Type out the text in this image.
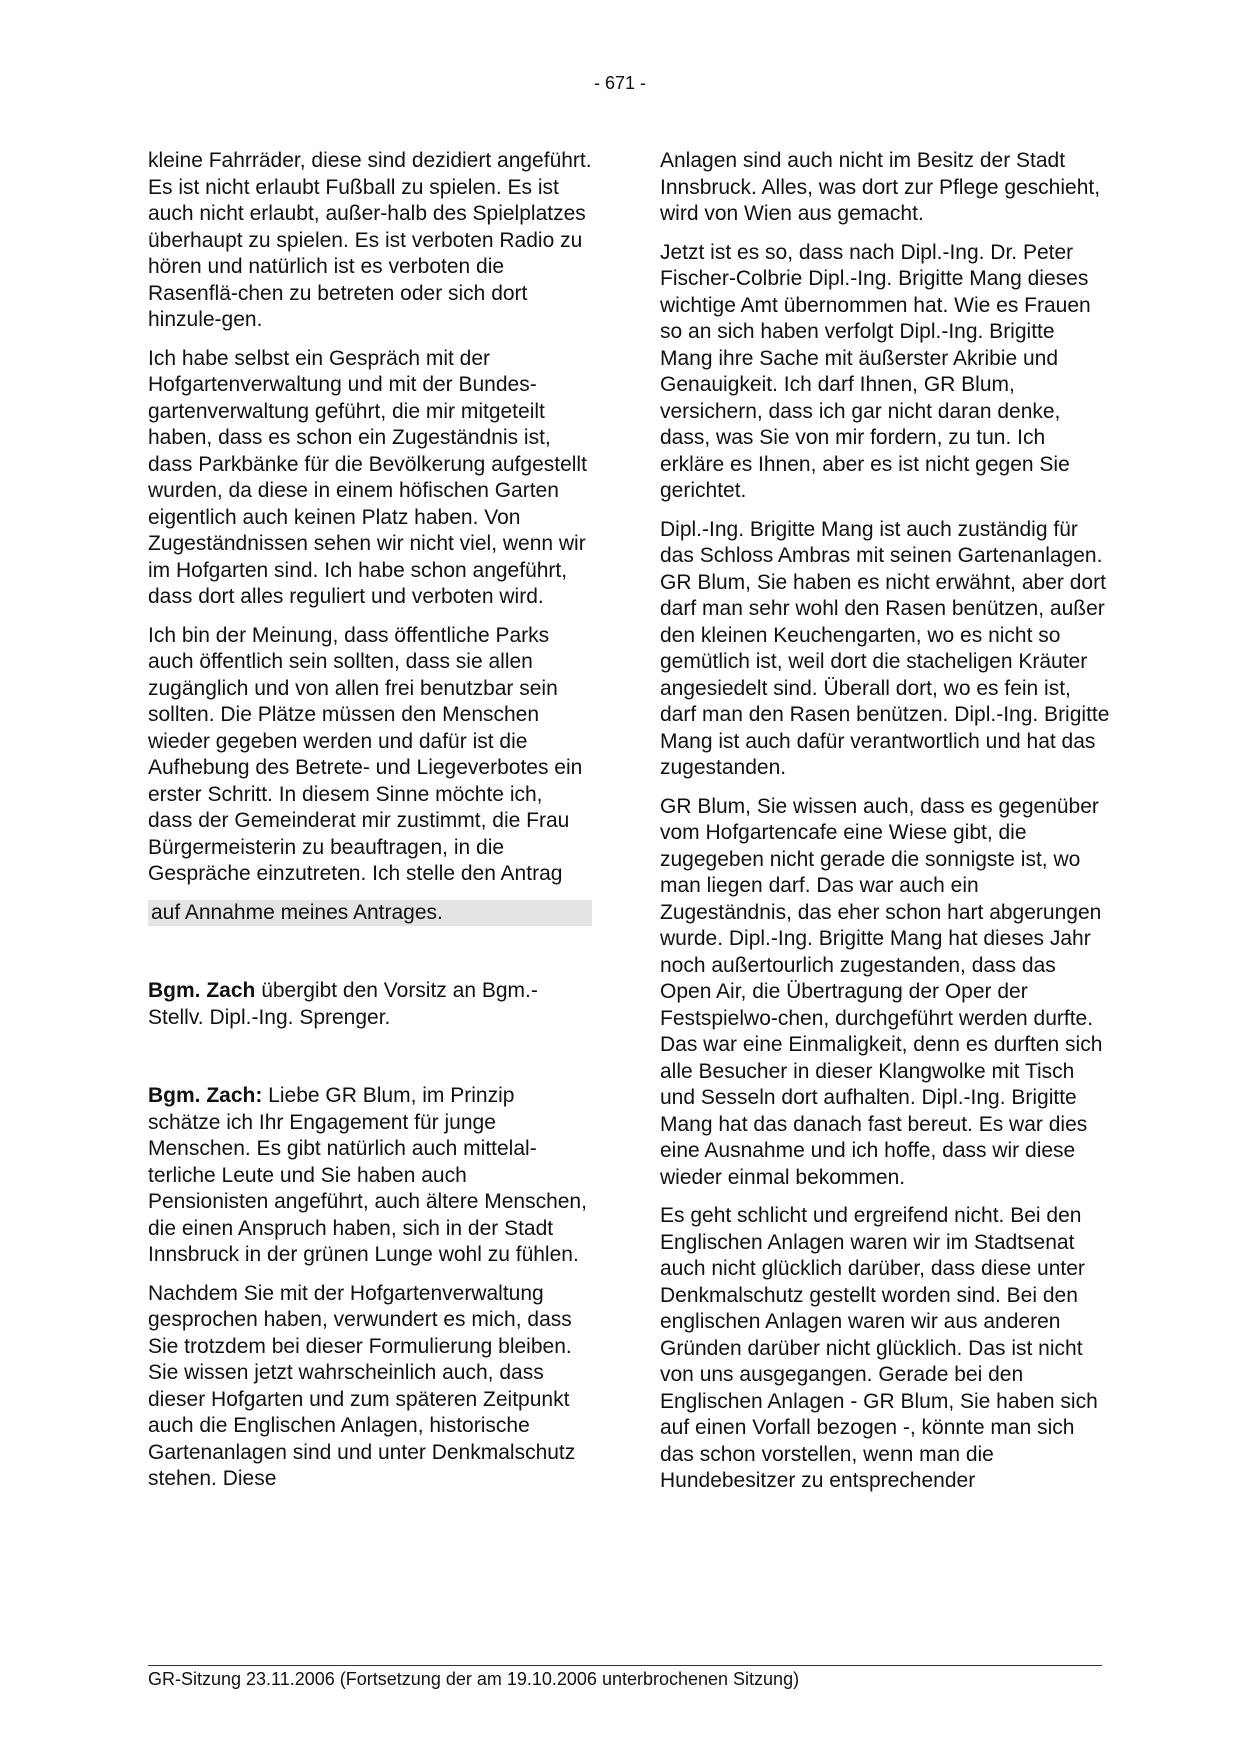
- 671 -

kleine Fahrräder, diese sind dezidiert angeführt. Es ist nicht erlaubt Fußball zu spielen. Es ist auch nicht erlaubt, außer-halb des Spielplatzes überhaupt zu spielen. Es ist verboten Radio zu hören und natürlich ist es verboten die Rasenflä-chen zu betreten oder sich dort hinzule-gen.

Ich habe selbst ein Gespräch mit der Hofgartenverwaltung und mit der Bundes-gartenverwaltung geführt, die mir mitgeteilt haben, dass es schon ein Zugeständnis ist, dass Parkbänke für die Bevölkerung aufgestellt wurden, da diese in einem höfischen Garten eigentlich auch keinen Platz haben. Von Zugeständnissen sehen wir nicht viel, wenn wir im Hofgarten sind. Ich habe schon angeführt, dass dort alles reguliert und verboten wird.

Ich bin der Meinung, dass öffentliche Parks auch öffentlich sein sollten, dass sie allen zugänglich und von allen frei benutzbar sein sollten. Die Plätze müssen den Menschen wieder gegeben werden und dafür ist die Aufhebung des Betrete- und Liegeverbotes ein erster Schritt. In diesem Sinne möchte ich, dass der Gemeinderat mir zustimmt, die Frau Bürgermeisterin zu beauftragen, in die Gespräche einzutreten. Ich stelle den Antrag

auf Annahme meines Antrages.

Bgm. Zach übergibt den Vorsitz an Bgm.-Stellv. Dipl.-Ing. Sprenger.

Bgm. Zach: Liebe GR Blum, im Prinzip schätze ich Ihr Engagement für junge Menschen. Es gibt natürlich auch mittelal-terliche Leute und Sie haben auch Pensionisten angeführt, auch ältere Menschen, die einen Anspruch haben, sich in der Stadt Innsbruck in der grünen Lunge wohl zu fühlen.

Nachdem Sie mit der Hofgartenverwaltung gesprochen haben, verwundert es mich, dass Sie trotzdem bei dieser Formulierung bleiben. Sie wissen jetzt wahrscheinlich auch, dass dieser Hofgarten und zum späteren Zeitpunkt auch die Englischen Anlagen, historische Gartenanlagen sind und unter Denkmalschutz stehen. Diese

Anlagen sind auch nicht im Besitz der Stadt Innsbruck. Alles, was dort zur Pflege geschieht, wird von Wien aus gemacht.

Jetzt ist es so, dass nach Dipl.-Ing. Dr. Peter Fischer-Colbrie Dipl.-Ing. Brigitte Mang dieses wichtige Amt übernommen hat. Wie es Frauen so an sich haben verfolgt Dipl.-Ing. Brigitte Mang ihre Sache mit äußerster Akribie und Genauigkeit. Ich darf Ihnen, GR Blum, versichern, dass ich gar nicht daran denke, dass, was Sie von mir fordern, zu tun. Ich erkläre es Ihnen, aber es ist nicht gegen Sie gerichtet.

Dipl.-Ing. Brigitte Mang ist auch zuständig für das Schloss Ambras mit seinen Gartenanlagen. GR Blum, Sie haben es nicht erwähnt, aber dort darf man sehr wohl den Rasen benützen, außer den kleinen Keuchengarten, wo es nicht so gemütlich ist, weil dort die stacheligen Kräuter angesiedelt sind. Überall dort, wo es fein ist, darf man den Rasen benützen. Dipl.-Ing. Brigitte Mang ist auch dafür verantwortlich und hat das zugestanden.

GR Blum, Sie wissen auch, dass es gegenüber vom Hofgartencafe eine Wiese gibt, die zugegeben nicht gerade die sonnigste ist, wo man liegen darf. Das war auch ein Zugeständnis, das eher schon hart abgerungen wurde. Dipl.-Ing. Brigitte Mang hat dieses Jahr noch außertourlich zugestanden, dass das Open Air, die Übertragung der Oper der Festspielwo-chen, durchgeführt werden durfte. Das war eine Einmaligkeit, denn es durften sich alle Besucher in dieser Klangwolke mit Tisch und Sesseln dort aufhalten. Dipl.-Ing. Brigitte Mang hat das danach fast bereut. Es war dies eine Ausnahme und ich hoffe, dass wir diese wieder einmal bekommen.

Es geht schlicht und ergreifend nicht. Bei den Englischen Anlagen waren wir im Stadtsenat auch nicht glücklich darüber, dass diese unter Denkmalschutz gestellt worden sind. Bei den englischen Anlagen waren wir aus anderen Gründen darüber nicht glücklich. Das ist nicht von uns ausgegangen. Gerade bei den Englischen Anlagen - GR Blum, Sie haben sich auf einen Vorfall bezogen -, könnte man sich das schon vorstellen, wenn man die Hundebesitzer zu entsprechender

GR-Sitzung 23.11.2006 (Fortsetzung der am 19.10.2006 unterbrochenen Sitzung)
